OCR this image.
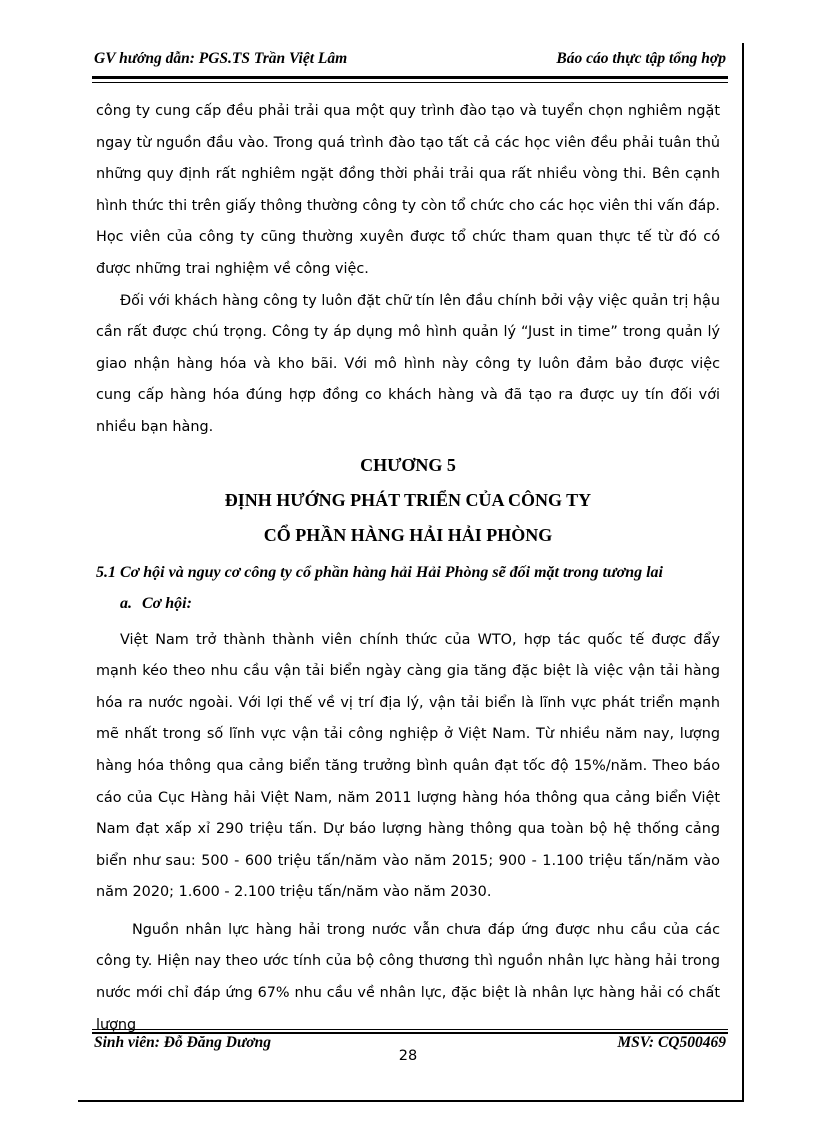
GV hướng dẫn: PGS.TS Trần Việt Lâm	Báo cáo thực tập tổng hợp

công ty cung cấp đều phải trải qua một quy trình đào tạo và tuyển chọn nghiêm ngặt ngay từ nguồn đầu vào. Trong quá trình đào tạo tất cả các học viên đều phải tuân thủ những quy định rất nghiêm ngặt đồng thời phải trải qua rất nhiều vòng thi. Bên cạnh hình thức thi trên giấy thông thường công ty còn tổ chức cho các học viên thi vấn đáp. Học viên của công ty cũng thường xuyên được tổ chức tham quan thực tế từ đó có được những trai nghiệm về công việc.

Đối với khách hàng công ty luôn đặt chữ tín lên đầu chính bởi vậy việc quản trị hậu cần rất được chú trọng. Công ty áp dụng mô hình quản lý “Just in time” trong quản lý giao nhận hàng hóa và kho bãi. Với mô hình này công ty luôn đảm bảo được việc cung cấp hàng hóa đúng hợp đồng co khách hàng và đã tạo ra được uy tín đối với nhiều bạn hàng.

CHƯƠNG 5

ĐỊNH HƯỚNG PHÁT TRIỂN CỦA CÔNG TY

CỔ PHẦN HÀNG HẢI HẢI PHÒNG

5.1 Cơ hội và nguy cơ công ty cổ phần hàng hải Hải Phòng sẽ đối mặt trong tương lai

a. Cơ hội:

Việt Nam trở thành thành viên chính thức của WTO, hợp tác quốc tế được đẩy mạnh kéo theo nhu cầu vận tải biển ngày càng gia tăng đặc biệt là việc vận tải hàng hóa ra nước ngoài. Với lợi thế về vị trí địa lý, vận tải biển là lĩnh vực phát triển mạnh mẽ nhất trong số lĩnh vực vận tải công nghiệp ở Việt Nam. Từ nhiều năm nay, lượng hàng hóa thông qua cảng biển tăng trưởng bình quân đạt tốc độ 15%/năm. Theo báo cáo của Cục Hàng hải Việt Nam, năm 2011 lượng hàng hóa thông qua cảng biển Việt Nam đạt xấp xỉ 290 triệu tấn. Dự báo lượng hàng thông qua toàn bộ hệ thống cảng biển như sau: 500 - 600 triệu tấn/năm vào năm 2015; 900 - 1.100 triệu tấn/năm vào năm 2020; 1.600 - 2.100 triệu tấn/năm vào năm 2030.

Nguồn nhân lực hàng hải trong nước vẫn chưa đáp ứng được nhu cầu của các công ty. Hiện nay theo ước tính của bộ công thương thì nguồn nhân lực hàng hải trong nước mới chỉ đáp ứng 67% nhu cầu về nhân lực, đặc biệt là nhân lực hàng hải có chất lượng

Sinh viên: Đỗ Đăng Dương	MSV: CQ500469
28
